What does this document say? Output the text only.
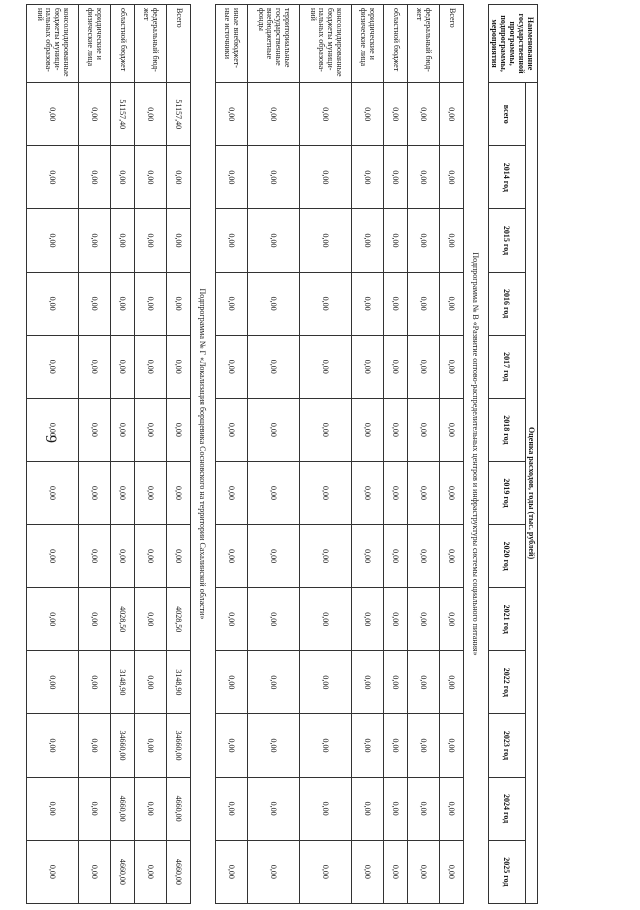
9
Наименование государственной программы, подпрограммы, мероприятия	Оценка расходов, годы (тыс. рублей)												
	всего	2014 год	2015 год	2016 год	2017 год	2018 год	2019 год	2020 год	2021 год	2022 год	2023 год	2024 год	2025 год
Подпрограмма № В «Развитие оптово-распределительных центров и инфраструктуры системы социального питания»													
Всего	0,00	0,00	0,00	0,00	0,00	0,00	0,00	0,00	0,00	0,00	0,00	0,00	0,00
федеральный бюд-жет	0,00	0,00	0,00	0,00	0,00	0,00	0,00	0,00	0,00	0,00	0,00	0,00	0,00
областной бюджет	0,00	0,00	0,00	0,00	0,00	0,00	0,00	0,00	0,00	0,00	0,00	0,00	0,00
юридические и физические лица	0,00	0,00	0,00	0,00	0,00	0,00	0,00	0,00	0,00	0,00	0,00	0,00	0,00
консолидированные бюджеты муници-пальных образова-ний	0,00	0,00	0,00	0,00	0,00	0,00	0,00	0,00	0,00	0,00	0,00	0,00	0,00
территориальные государственные внебюджетные фонды	0,00	0,00	0,00	0,00	0,00	0,00	0,00	0,00	0,00	0,00	0,00	0,00	0,00
иные внебюджет-ные источники	0,00	0,00	0,00	0,00	0,00	0,00	0,00	0,00	0,00	0,00	0,00	0,00	0,00
Подпрограмма № Г «Локализация борщевика Сосновского на территории Сахалинской области»													
Всего	51157,40	0,00	0,00	0,00	0,00	0,00	0,00	0,00	4028,50	3148,90	34660,00	4660,00	4660,00
федеральный бюд-жет	0,00	0,00	0,00	0,00	0,00	0,00	0,00	0,00	0,00	0,00	0,00	0,00	0,00
областной бюджет	51157,40	0,00	0,00	0,00	0,00	0,00	0,00	0,00	4028,50	3148,90	34660,00	4660,00	4660,00
юридические и физические лица	0,00	0,00	0,00	0,00	0,00	0,00	0,00	0,00	0,00	0,00	0,00	0,00	0,00
консолидированные бюджеты муници-пальных образова-ний	0,00	0,00	0,00	0,00	0,00	0,00	0,00	0,00	0,00	0,00	0,00	0,00	0,00
